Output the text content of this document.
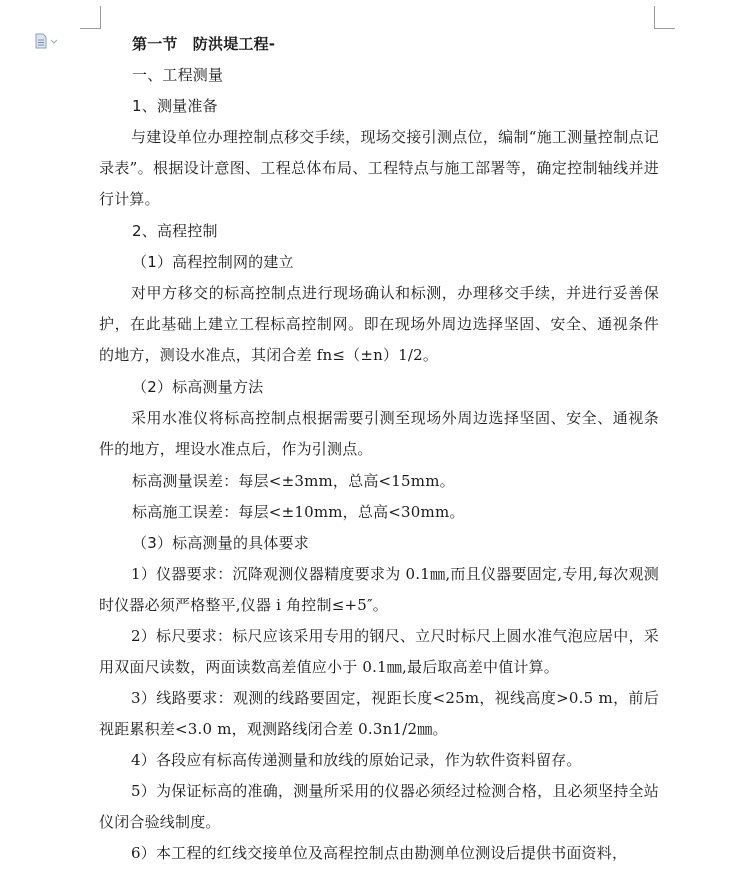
第一节　防洪堤工程-
一、工程测量
1、测量准备
与建设单位办理控制点移交手续，现场交接引测点位，编制“施工测量控制点记录表”。根据设计意图、工程总体布局、工程特点与施工部署等，确定控制轴线并进行计算。
2、高程控制
（1）高程控制网的建立
对甲方移交的标高控制点进行现场确认和标测，办理移交手续，并进行妥善保护，在此基础上建立工程标高控制网。即在现场外周边选择坚固、安全、通视条件的地方，测设水准点，其闭合差 fn≤（±n）1/2。
（2）标高测量方法
采用水准仪将标高控制点根据需要引测至现场外周边选择坚固、安全、通视条件的地方，埋设水准点后，作为引测点。
标高测量误差：每层<±3mm，总高<15mm。
标高施工误差：每层<±10mm，总高<30mm。
（3）标高测量的具体要求
1）仪器要求：沉降观测仪器精度要求为 0.1㎜,而且仪器要固定,专用,每次观测时仪器必须严格整平,仪器 i 角控制≤+5″。
2）标尺要求：标尺应该采用专用的钢尺、立尺时标尺上圆水准气泡应居中，采用双面尺读数，两面读数高差值应小于 0.1㎜,最后取高差中值计算。
3）线路要求：观测的线路要固定，视距长度<25m，视线高度>0.5 m，前后视距累积差<3.0 m，观测路线闭合差 0.3n1/2㎜。
4）各段应有标高传递测量和放线的原始记录，作为软件资料留存。
5）为保证标高的准确，测量所采用的仪器必须经过检测合格，且必须坚持全站仪闭合验线制度。
6）本工程的红线交接单位及高程控制点由勘测单位测设后提供书面资料，
